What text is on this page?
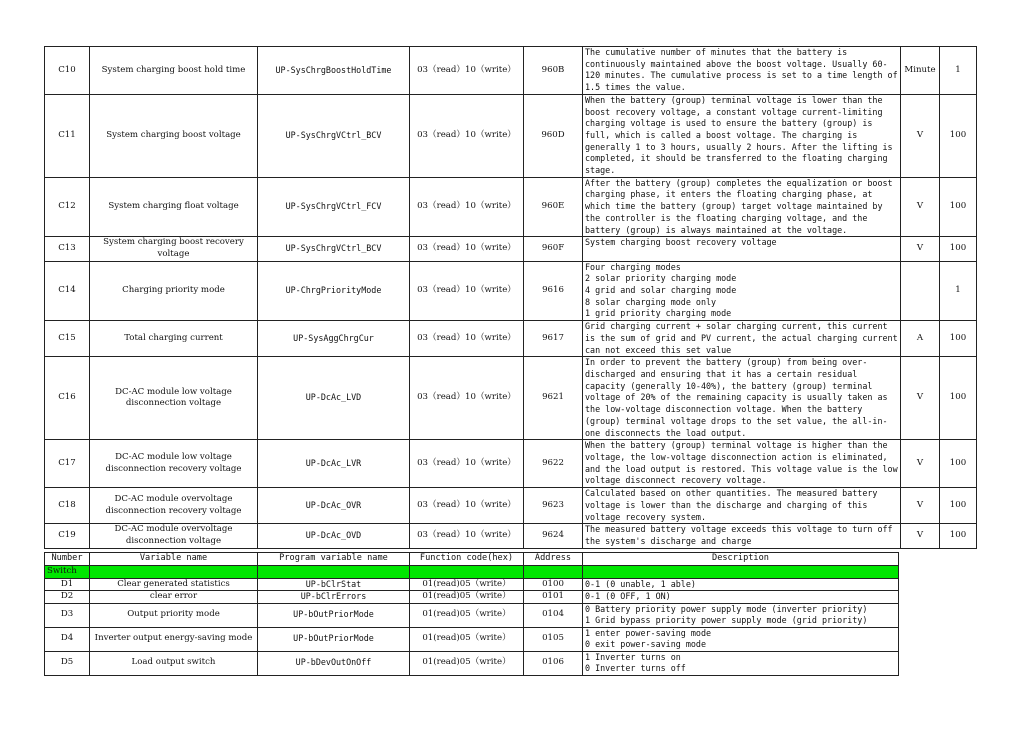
C10	System charging boost hold time	UP-SysChrgBoostHoldTime	03（read）10（write）	960B	The cumulative number of minutes that the battery is continuously maintained above the boost voltage. Usually 60-120 minutes. The cumulative process is set to a time length of 1.5 times the value.	Minute	1
C11	System charging boost voltage	UP-SysChrgVCtrl_BCV	03（read）10（write）	960D	When the battery (group) terminal voltage is lower than the boost recovery voltage, a constant voltage current-limiting charging voltage is used to ensure the battery (group) is full, which is called a boost voltage. The charging is generally 1 to 3 hours, usually 2 hours. After the lifting is completed, it should be transferred to the floating charging stage.	V	100
C12	System charging float voltage	UP-SysChrgVCtrl_FCV	03（read）10（write）	960E	After the battery (group) completes the equalization or boost charging phase, it enters the floating charging phase, at which time the battery (group) target voltage maintained by the controller is the floating charging voltage, and the battery (group) is always maintained at the voltage.	V	100
C13	System charging boost recovery voltage	UP-SysChrgVCtrl_BCV	03（read）10（write）	960F	System charging boost recovery voltage	V	100
C14	Charging priority mode	UP-ChrgPriorityMode	03（read）10（write）	9616	Four charging modes
2 solar priority charging mode
4 grid and solar charging mode
8 solar charging mode only
1 grid priority charging mode		1
C15	Total charging current	UP-SysAggChrgCur	03（read）10（write）	9617	Grid charging current + solar charging current, this current is the sum of grid and PV current, the actual charging current can not exceed this set value	A	100
C16	DC-AC module low voltage disconnection voltage	UP-DcAc_LVD	03（read）10（write）	9621	In order to prevent the battery (group) from being over-discharged and ensuring that it has a certain residual capacity (generally 10-40%), the battery (group) terminal voltage of 20% of the remaining capacity is usually taken as the low-voltage disconnection voltage. When the battery (group) terminal voltage drops to the set value, the all-in-one disconnects the load output.	V	100
C17	DC-AC module low voltage disconnection recovery voltage	UP-DcAc_LVR	03（read）10（write）	9622	When the battery (group) terminal voltage is higher than the voltage, the low-voltage disconnection action is eliminated, and the load output is restored. This voltage value is the low voltage disconnect recovery voltage.	V	100
C18	DC-AC module overvoltage disconnection recovery voltage	UP-DcAc_OVR	03（read）10（write）	9623	Calculated based on other quantities. The measured battery voltage is lower than the discharge and charging of this voltage recovery system.	V	100
C19	DC-AC module overvoltage disconnection voltage	UP-DcAc_OVD	03（read）10（write）	9624	The measured battery voltage exceeds this voltage to turn off the system's discharge and charge	V	100
Number	Variable name	Program variable name	Function code(hex)	Address	Description
Switch					
D1	Clear generated statistics	UP-bClrStat	01(read)05（write）	0100	0-1 (0 unable, 1 able)
D2	clear error	UP-bClrErrors	01(read)05（write）	0101	0-1 (0 OFF, 1 ON)
D3	Output priority mode	UP-bOutPriorMode	01(read)05（write）	0104	0 Battery priority power supply mode (inverter priority)
1 Grid bypass priority power supply mode (grid priority)
D4	Inverter output energy-saving mode	UP-bOutPriorMode	01(read)05（write）	0105	1 enter power-saving mode
0 exit power-saving mode
D5	Load output switch	UP-bDevOutOnOff	01(read)05（write）	0106	1 Inverter turns on
0 Inverter turns off
